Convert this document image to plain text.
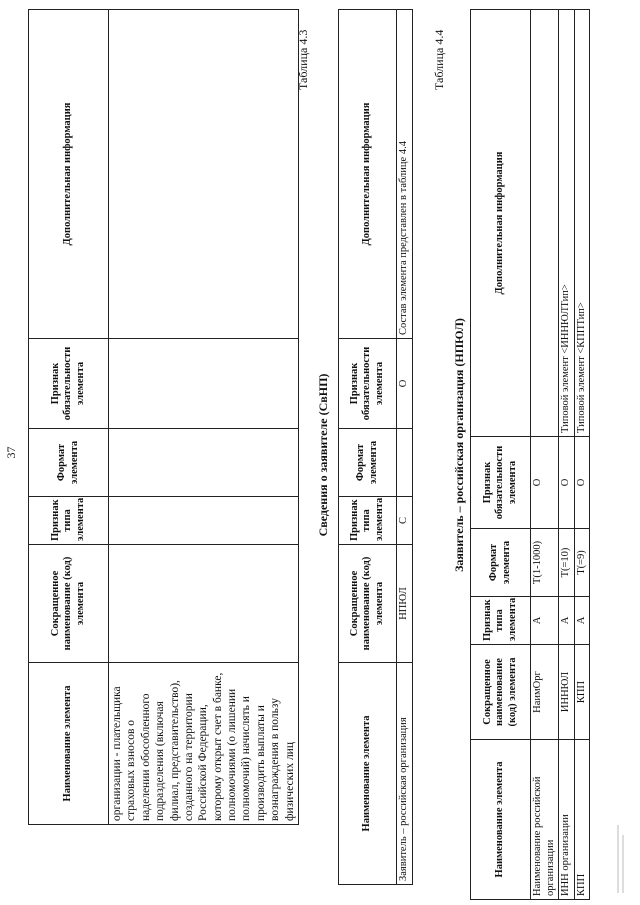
37
Наименование элемента	Сокращенное наименование (код) элемента	Признак типа элемента	Формат элемента	Признак обязательности элемента	Дополнительная информация
организации - плательщика страховых взносов о наделении обособленного подразделения (включая филиал, представительство), созданного на территории Российской Федерации, которому открыт счет в банке, полномочиями (о лишении полномочий) начислять и производить выплаты и вознаграждения в пользу физических лиц					
Таблица 4.3
Сведения о заявителе (СвНП)
Наименование элемента	Сокращенное наименование (код) элемента	Признак типа элемента	Формат элемента	Признак обязательности элемента	Дополнительная информация
Заявитель – российская организация	НПЮЛ	С		О	Состав элемента представлен в таблице 4.4
Таблица 4.4
Заявитель – российская организация (НПЮЛ)
Наименование элемента	Сокращенное наименование (код) элемента	Признак типа элемента	Формат элемента	Признак обязательности элемента	Дополнительная информация
Наименование российской организации	НаимОрг	А	T(1-1000)	О	
ИНН организации	ИННЮЛ	А	T(=10)	О	Типовой элемент <ИННЮЛТип>
КПП	КПП	А	T(=9)	О	Типовой элемент <КППТип>
